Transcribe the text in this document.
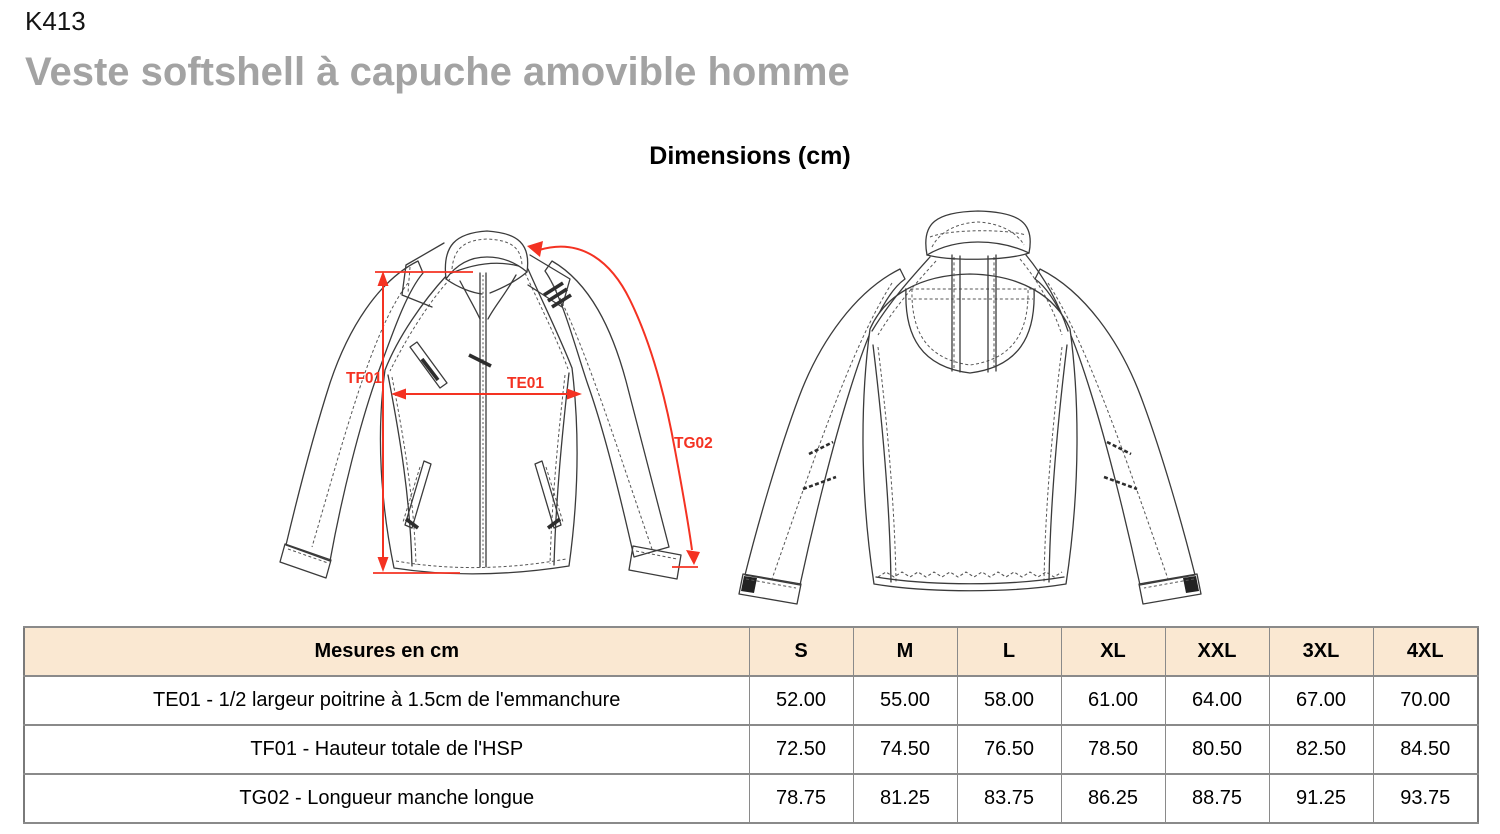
K413
Veste softshell à capuche amovible homme
Dimensions (cm)
TF01	TE01
TG02
Mesures en cm	S	M	L	XL	XXL	3XL	4XL
TE01 - 1/2 largeur poitrine à 1.5cm de l'emmanchure	52.00	55.00	58.00	61.00	64.00	67.00	70.00
TF01 - Hauteur totale de l'HSP	72.50	74.50	76.50	78.50	80.50	82.50	84.50
TG02 - Longueur manche longue	78.75	81.25	83.75	86.25	88.75	91.25	93.75
